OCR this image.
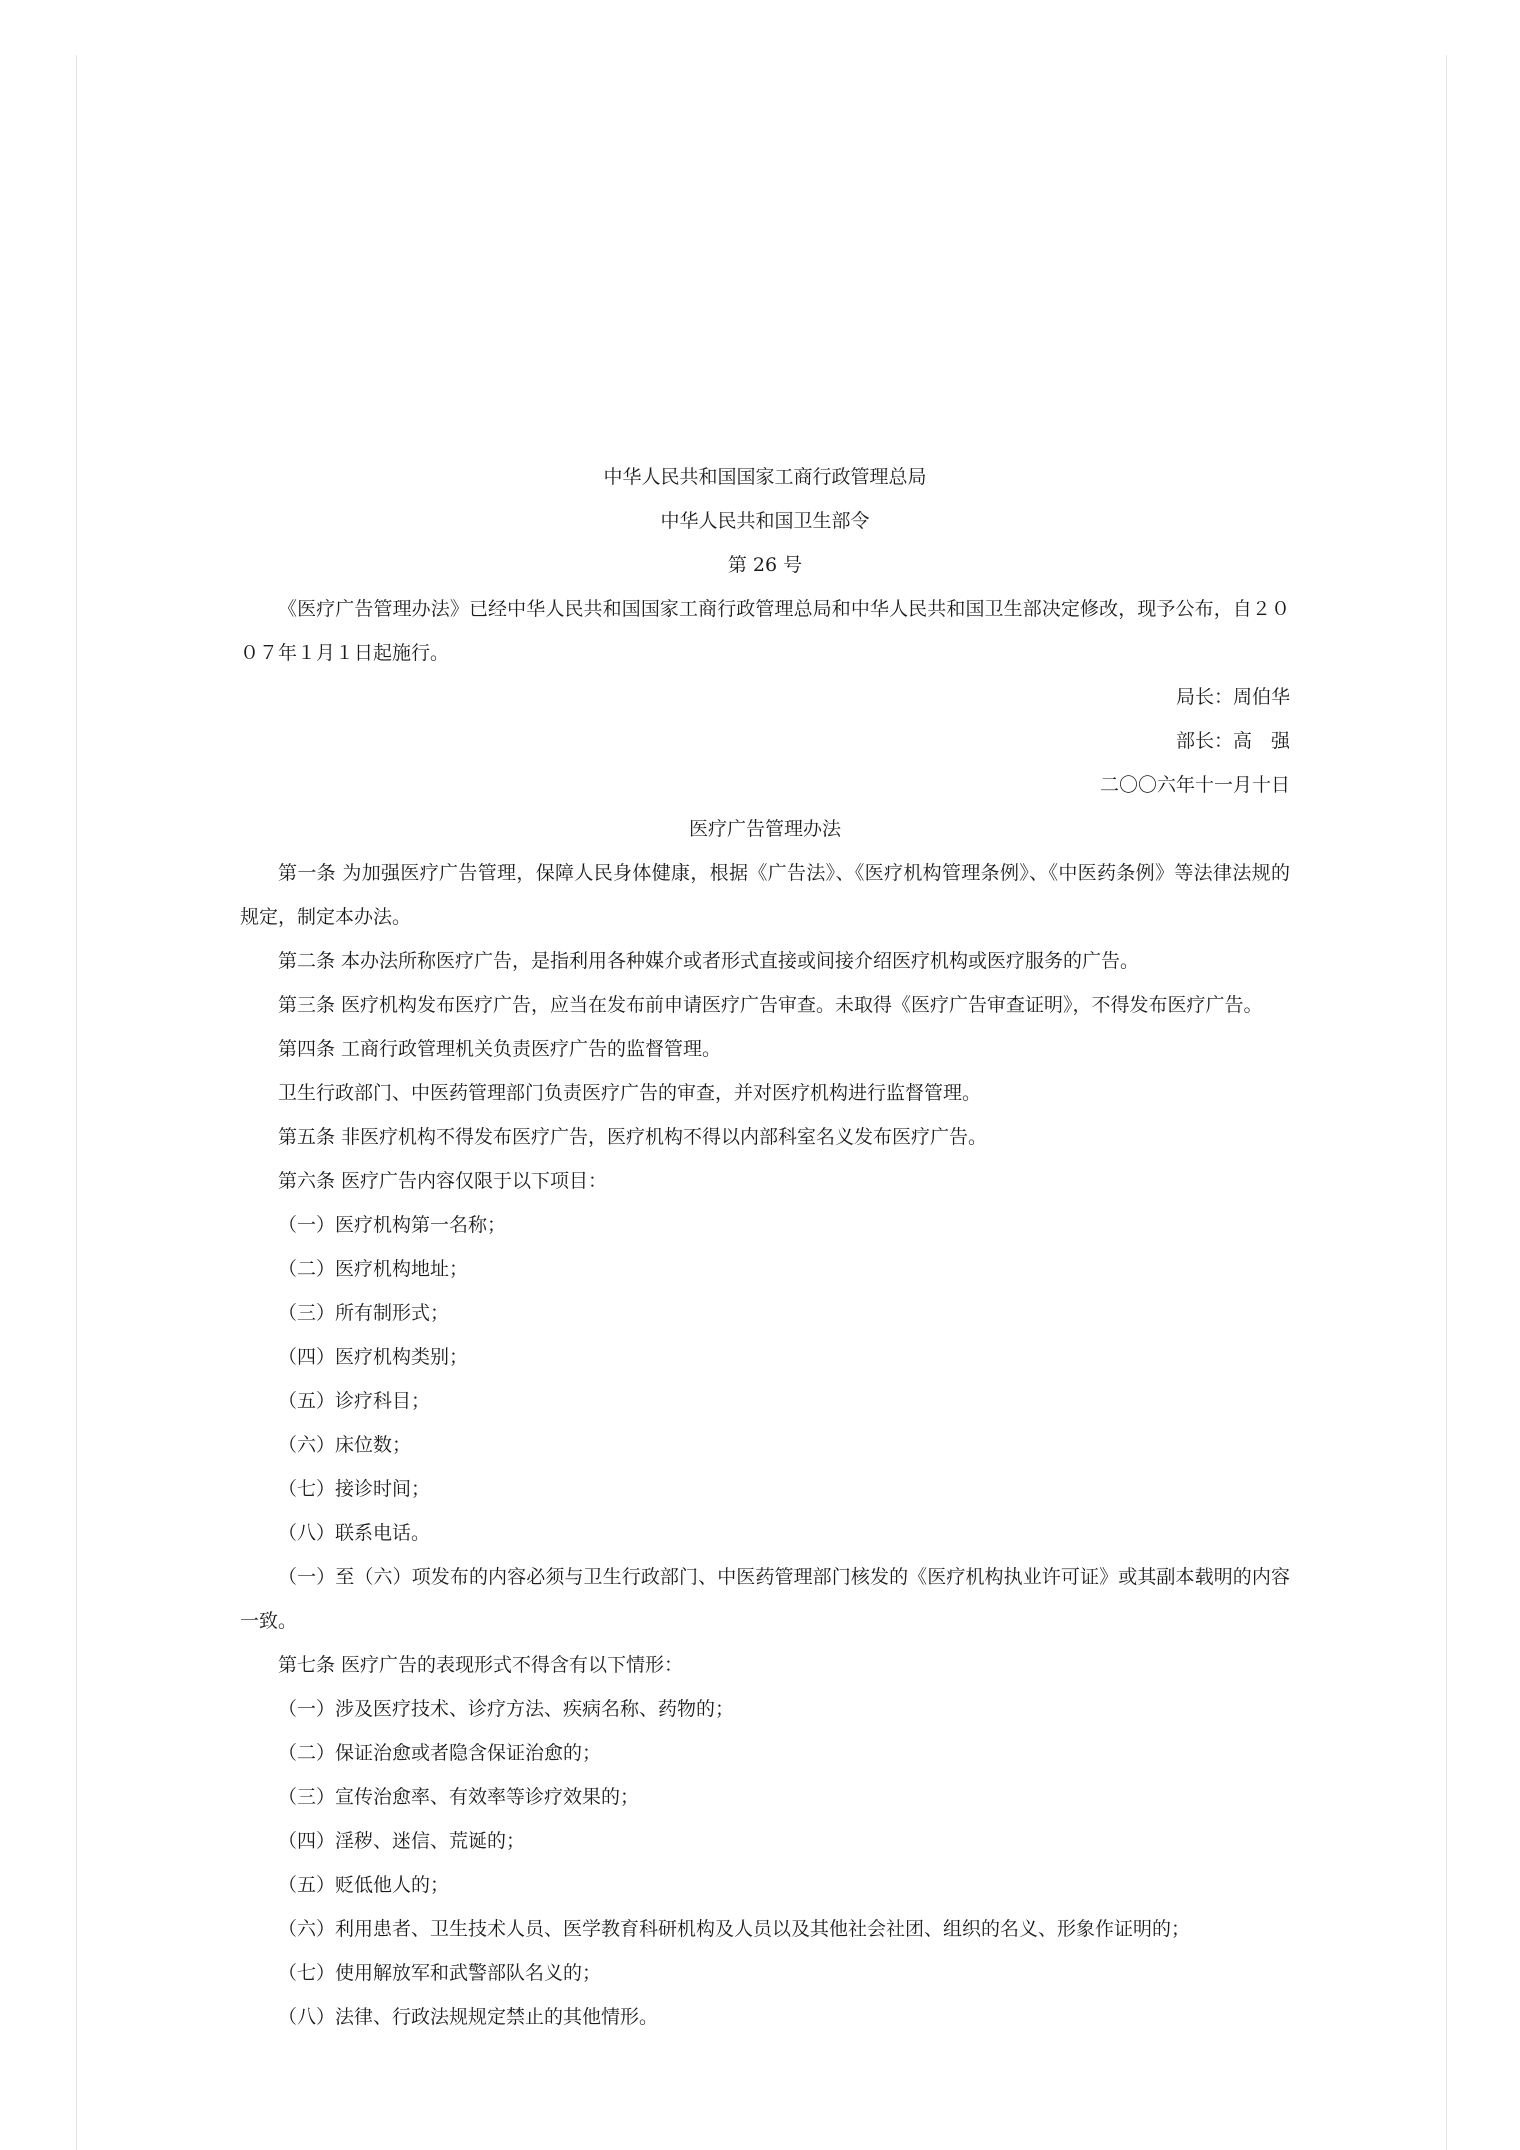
中华人民共和国国家工商行政管理总局

中华人民共和国卫生部令

第 26 号

《医疗广告管理办法》已经中华人民共和国国家工商行政管理总局和中华人民共和国卫生部决定修改，现予公布，自２００７年１月１日起施行。

局长：周伯华

部长：高　强

二〇〇六年十一月十日

医疗广告管理办法

第一条 为加强医疗广告管理，保障人民身体健康，根据《广告法》、《医疗机构管理条例》、《中医药条例》等法律法规的规定，制定本办法。

第二条 本办法所称医疗广告，是指利用各种媒介或者形式直接或间接介绍医疗机构或医疗服务的广告。

第三条 医疗机构发布医疗广告，应当在发布前申请医疗广告审查。未取得《医疗广告审查证明》，不得发布医疗广告。

第四条 工商行政管理机关负责医疗广告的监督管理。

卫生行政部门、中医药管理部门负责医疗广告的审查，并对医疗机构进行监督管理。

第五条 非医疗机构不得发布医疗广告，医疗机构不得以内部科室名义发布医疗广告。

第六条 医疗广告内容仅限于以下项目：

（一）医疗机构第一名称；

（二）医疗机构地址；

（三）所有制形式；

（四）医疗机构类别；

（五）诊疗科目；

（六）床位数；

（七）接诊时间；

（八）联系电话。

（一）至（六）项发布的内容必须与卫生行政部门、中医药管理部门核发的《医疗机构执业许可证》或其副本载明的内容一致。

第七条 医疗广告的表现形式不得含有以下情形：

（一）涉及医疗技术、诊疗方法、疾病名称、药物的；

（二）保证治愈或者隐含保证治愈的；

（三）宣传治愈率、有效率等诊疗效果的；

（四）淫秽、迷信、荒诞的；

（五）贬低他人的；

（六）利用患者、卫生技术人员、医学教育科研机构及人员以及其他社会社团、组织的名义、形象作证明的；

（七）使用解放军和武警部队名义的；

（八）法律、行政法规规定禁止的其他情形。
